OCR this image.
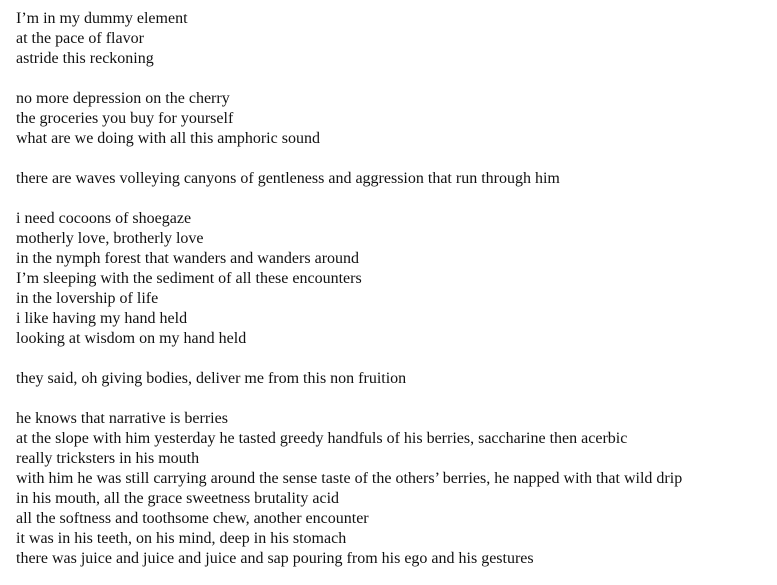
I’m in my dummy element
at the pace of flavor
astride this reckoning
no more depression on the cherry
the groceries you buy for yourself
what are we doing with all this amphoric sound
there are waves volleying canyons of gentleness and aggression that run through him
i need cocoons of shoegaze
motherly love, brotherly love
in the nymph forest that wanders and wanders around
I’m sleeping with the sediment of all these encounters
in the lovership of life
i like having my hand held
looking at wisdom on my hand held
they said, oh giving bodies, deliver me from this non fruition
he knows that narrative is berries
at the slope with him yesterday he tasted greedy handfuls of his berries, saccharine then acerbic
really tricksters in his mouth
with him he was still carrying around the sense taste of the others’ berries, he napped with that wild drip
in his mouth, all the grace sweetness brutality acid
all the softness and toothsome chew, another encounter
it was in his teeth, on his mind, deep in his stomach
there was juice and juice and juice and sap pouring from his ego and his gestures
